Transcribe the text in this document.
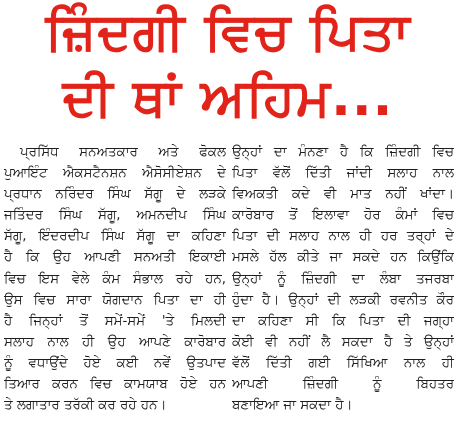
ਜ਼ਿੰਦਗੀ ਵਿਚ ਪਿਤਾ
ਦੀ ਥਾਂ ਅਹਿਮ...
ਪ੍ਰਸਿੱਧ ਸਨਅਤਕਾਰ ਅਤੇ ਫੋਕਲ
ਪੁਆਇੰਟ ਐਕਸਟੈਨਸ਼ਨ ਐਸੋਸੀਏਸ਼ਨ ਦੇ
ਪ੍ਰਧਾਨ ਨਰਿੰਦਰ ਸਿੰਘ ਸੱਗੂ ਦੇ ਲੜਕੇ
ਜਤਿੰਦਰ ਸਿੰਘ ਸੱਗੂ, ਅਮਨਦੀਪ ਸਿੰਘ
ਸੱਗੂ, ਇੰਦਰਦੀਪ ਸਿੰਘ ਸੱਗੂ ਦਾ ਕਹਿਣਾ
ਹੈ ਕਿ ਉਹ ਆਪਣੀ ਸਨਅਤੀ ਇਕਾਈ
ਵਿਚ ਇਸ ਵੇਲੇ ਕੰਮ ਸੰਭਾਲ ਰਹੇ ਹਨ,
ਉਸ ਵਿਚ ਸਾਰਾ ਯੋਗਦਾਨ ਪਿਤਾ ਦਾ ਹੀ
ਹੈ ਜਿਨ੍ਹਾਂ ਤੋਂ ਸਮੇਂ-ਸਮੇਂ 'ਤੇ ਮਿਲਦੀ
ਸਲਾਹ ਨਾਲ ਹੀ ਉਹ ਆਪਣੇ ਕਾਰੋਬਾਰ
ਨੂੰ ਵਧਾਉਂਦੇ ਹੋਏ ਕਈ ਨਵੇਂ ਉਤਪਾਦ
ਤਿਆਰ ਕਰਨ ਵਿਚ ਕਾਮਯਾਬ ਹੋਏ ਹਨ
ਤੇ ਲਗਾਤਾਰ ਤਰੱਕੀ ਕਰ ਰਹੇ ਹਨ।
ਉਨ੍ਹਾਂ ਦਾ ਮੰਨਣਾ ਹੈ ਕਿ ਜ਼ਿੰਦਗੀ ਵਿਚ
ਪਿਤਾ ਵੱਲੋਂ ਦਿੱਤੀ ਜਾਂਦੀ ਸਲਾਹ ਨਾਲ
ਵਿਅਕਤੀ ਕਦੇ ਵੀ ਮਾਤ ਨਹੀਂ ਖਾਂਦਾ।
ਕਾਰੋਬਾਰ ਤੋਂ ਇਲਾਵਾ ਹੋਰ ਕੰਮਾਂ ਵਿਚ
ਪਿਤਾ ਦੀ ਸਲਾਹ ਨਾਲ ਹੀ ਹਰ ਤਰ੍ਹਾਂ ਦੇ
ਮਸਲੇ ਹੱਲ ਕੀਤੇ ਜਾ ਸਕਦੇ ਹਨ ਕਿਉਂਕਿ
ਉਨ੍ਹਾਂ ਨੂੰ ਜ਼ਿੰਦਗੀ ਦਾ ਲੰਬਾ ਤਜਰਬਾ
ਹੁੰਦਾ ਹੈ। ਉਨ੍ਹਾਂ ਦੀ ਲੜਕੀ ਰਵਨੀਤ ਕੌਰ
ਦਾ ਕਹਿਣਾ ਸੀ ਕਿ ਪਿਤਾ ਦੀ ਜਗ੍ਹਾ
ਕੋਈ ਵੀ ਨਹੀਂ ਲੈ ਸਕਦਾ ਹੈ ਤੇ ਉਨ੍ਹਾਂ
ਵੱਲੋਂ ਦਿੱਤੀ ਗਈ ਸਿੱਖਿਆ ਨਾਲ ਹੀ
ਆਪਣੀ ਜ਼ਿੰਦਗੀ ਨੂੰ ਬਿਹਤਰ
ਬਣਾਇਆ ਜਾ ਸਕਦਾ ਹੈ।
